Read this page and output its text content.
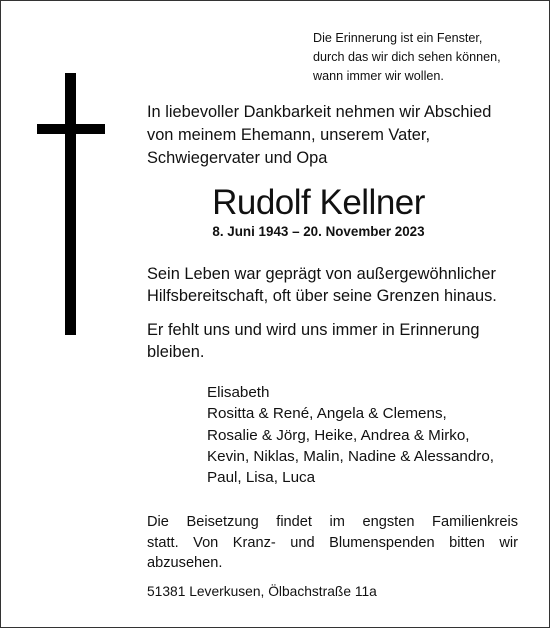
Die Erinnerung ist ein Fenster,
durch das wir dich sehen können,
wann immer wir wollen.
In liebevoller Dankbarkeit nehmen wir Abschied
von meinem Ehemann, unserem Vater,
Schwiegervater und Opa
Rudolf Kellner
8. Juni 1943 – 20. November 2023
Sein Leben war geprägt von außergewöhnlicher
Hilfsbereitschaft, oft über seine Grenzen hinaus.
Er fehlt uns und wird uns immer in Erinnerung
bleiben.
Elisabeth
Rositta & René, Angela & Clemens,
Rosalie & Jörg, Heike, Andrea & Mirko,
Kevin, Niklas, Malin, Nadine & Alessandro,
Paul, Lisa, Luca
Die Beisetzung findet im engsten Familienkreis
statt. Von Kranz- und Blumenspenden bitten wir
abzusehen.
51381 Leverkusen, Ölbachstraße 11a
